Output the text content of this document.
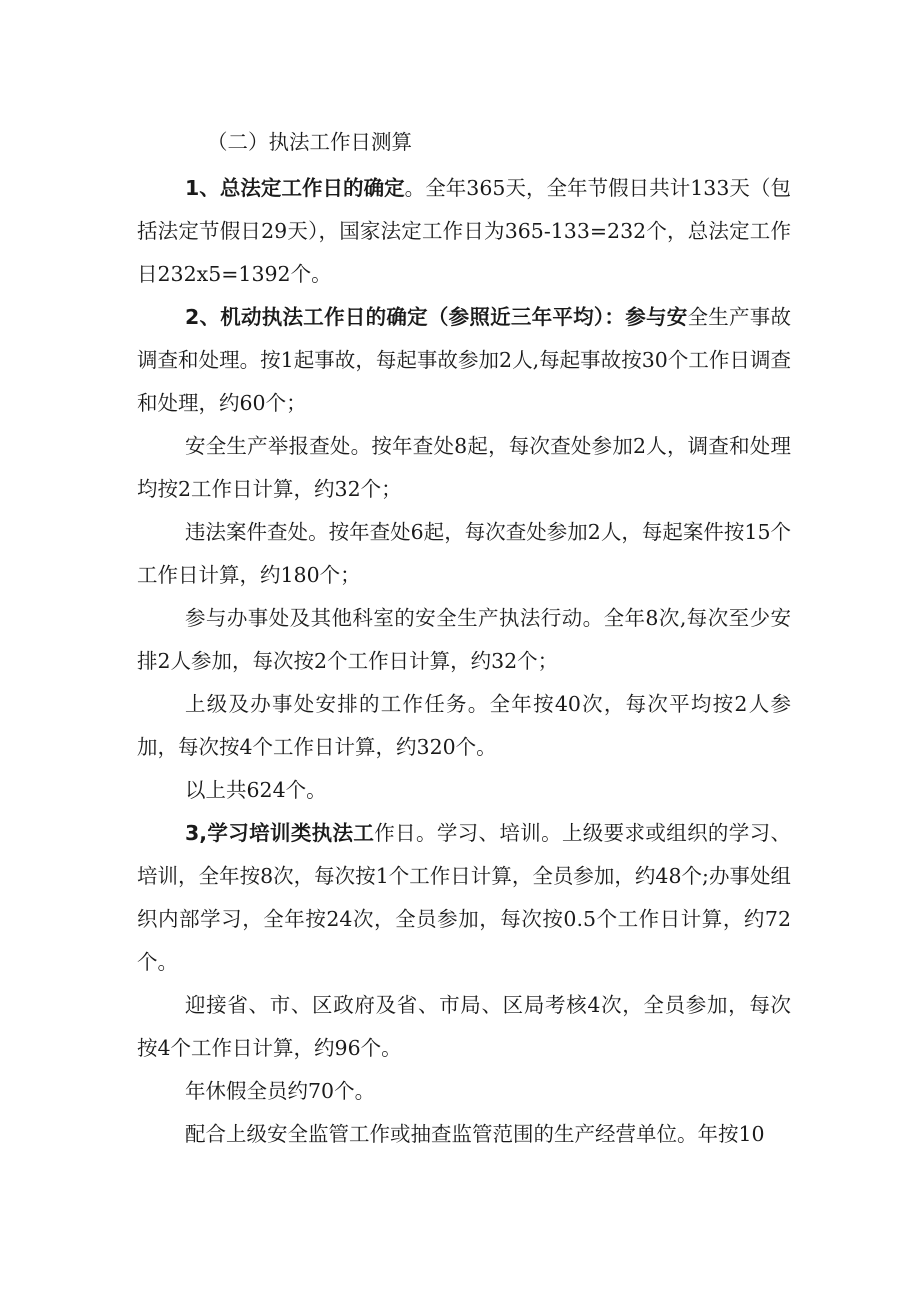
（二）执法工作日测算

1、总法定工作日的确定。全年365天，全年节假日共计133天（包括法定节假日29天），国家法定工作日为365-133=232个，总法定工作日232x5=1392个。

2、机动执法工作日的确定（参照近三年平均）：参与安全生产事故调查和处理。按1起事故，每起事故参加2人,每起事故按30个工作日调查和处理，约60个；

安全生产举报查处。按年查处8起，每次查处参加2人，调查和处理均按2工作日计算，约32个；

违法案件查处。按年查处6起，每次查处参加2人，每起案件按15个工作日计算，约180个；

参与办事处及其他科室的安全生产执法行动。全年8次,每次至少安排2人参加，每次按2个工作日计算，约32个；

上级及办事处安排的工作任务。全年按40次，每次平均按2人参加，每次按4个工作日计算，约320个。

以上共624个。

3,学习培训类执法工作日。学习、培训。上级要求或组织的学习、培训，全年按8次，每次按1个工作日计算，全员参加，约48个;办事处组织内部学习，全年按24次，全员参加，每次按0.5个工作日计算，约72个。

迎接省、市、区政府及省、市局、区局考核4次，全员参加，每次按4个工作日计算，约96个。

年休假全员约70个。

配合上级安全监管工作或抽查监管范围的生产经营单位。年按10
